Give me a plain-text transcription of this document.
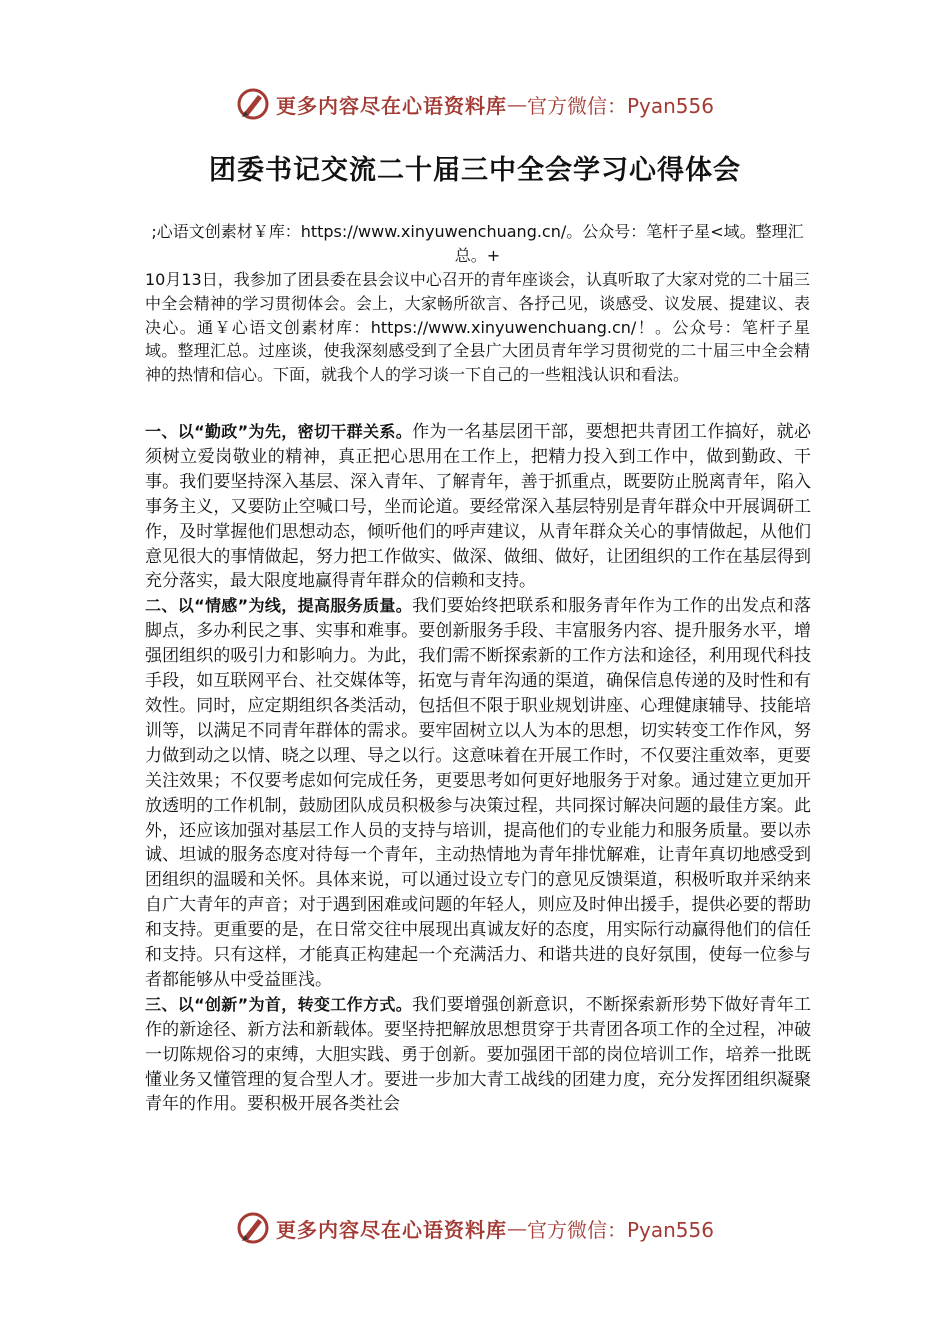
更多内容尽在心语资料库 — 官方微信：Pyan556
团委书记交流二十届三中全会学习心得体会
;心语文创素材￥库：https://www.xinyuwenchuang.cn/。公众号：笔杆子星<域。整理汇总。+
10月13日，我参加了团县委在县会议中心召开的青年座谈会，认真听取了大家对党的二十届三中全会精神的学习贯彻体会。会上，大家畅所欲言、各抒己见，谈感受、议发展、提建议、表决心。通￥心语文创素材库：https://www.xinyuwenchuang.cn/！。公众号：笔杆子星域。整理汇总。过座谈，使我深刻感受到了全县广大团员青年学习贯彻党的二十届三中全会精神的热情和信心。下面，就我个人的学习谈一下自己的一些粗浅认识和看法。

一、以“勤政”为先，密切干群关系。作为一名基层团干部，要想把共青团工作搞好，就必须树立爱岗敬业的精神，真正把心思用在工作上，把精力投入到工作中，做到勤政、干事。我们要坚持深入基层、深入青年、了解青年，善于抓重点，既要防止脱离青年，陷入事务主义，又要防止空喊口号，坐而论道。要经常深入基层特别是青年群众中开展调研工作，及时掌握他们思想动态，倾听他们的呼声建议，从青年群众关心的事情做起，从他们意见很大的事情做起，努力把工作做实、做深、做细、做好，让团组织的工作在基层得到充分落实，最大限度地赢得青年群众的信赖和支持。

二、以“情感”为线，提高服务质量。我们要始终把联系和服务青年作为工作的出发点和落脚点，多办利民之事、实事和难事。要创新服务手段、丰富服务内容、提升服务水平，增强团组织的吸引力和影响力。为此，我们需不断探索新的工作方法和途径，利用现代科技手段，如互联网平台、社交媒体等，拓宽与青年沟通的渠道，确保信息传递的及时性和有效性。同时，应定期组织各类活动，包括但不限于职业规划讲座、心理健康辅导、技能培训等，以满足不同青年群体的需求。要牢固树立以人为本的思想，切实转变工作作风，努力做到动之以情、晓之以理、导之以行。这意味着在开展工作时，不仅要注重效率，更要关注效果；不仅要考虑如何完成任务，更要思考如何更好地服务于对象。通过建立更加开放透明的工作机制，鼓励团队成员积极参与决策过程，共同探讨解决问题的最佳方案。此外，还应该加强对基层工作人员的支持与培训，提高他们的专业能力和服务质量。要以赤诚、坦诚的服务态度对待每一个青年，主动热情地为青年排忧解难，让青年真切地感受到团组织的温暖和关怀。具体来说，可以通过设立专门的意见反馈渠道，积极听取并采纳来自广大青年的声音；对于遇到困难或问题的年轻人，则应及时伸出援手，提供必要的帮助和支持。更重要的是，在日常交往中展现出真诚友好的态度，用实际行动赢得他们的信任和支持。只有这样，才能真正构建起一个充满活力、和谐共进的良好氛围，使每一位参与者都能够从中受益匪浅。

三、以“创新”为首，转变工作方式。我们要增强创新意识，不断探索新形势下做好青年工作的新途径、新方法和新载体。要坚持把解放思想贯穿于共青团各项工作的全过程，冲破一切陈规俗习的束缚，大胆实践、勇于创新。要加强团干部的岗位培训工作，培养一批既懂业务又懂管理的复合型人才。要进一步加大青工战线的团建力度，充分发挥团组织凝聚青年的作用。要积极开展各类社会

更多内容尽在心语资料库 — 官方微信：Pyan556
